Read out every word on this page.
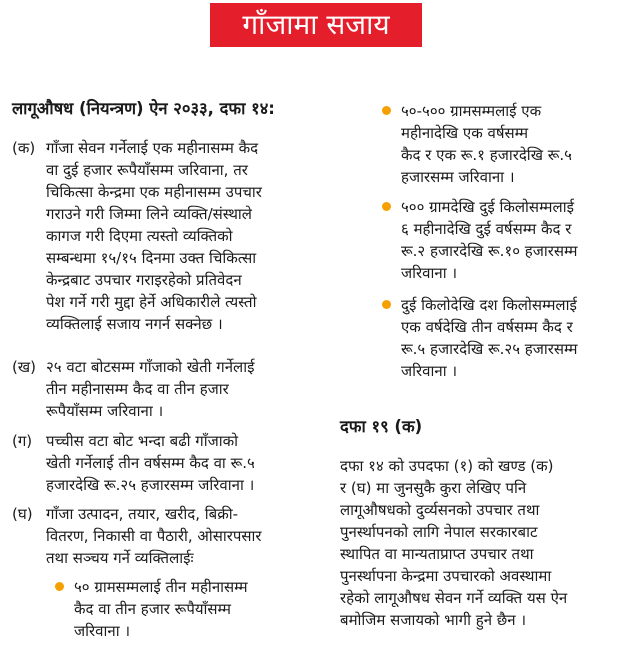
गाँजामा सजाय
लागूऔषध (नियन्त्रण) ऐन २०३३, दफा १४:
(क) गाँजा सेवन गर्नेलाई एक महीनासम्म कैद
वा दुई हजार रूपैयाँसम्म जरिवाना, तर
चिकित्सा केन्द्रमा एक महीनासम्म उपचार
गराउने गरी जिम्मा लिने व्यक्ति/संस्थाले
कागज गरी दिएमा त्यस्तो व्यक्तिको
सम्बन्धमा १५/१५ दिनमा उक्त चिकित्सा
केन्द्रबाट उपचार गराइरहेको प्रतिवेदन
पेश गर्ने गरी मुद्दा हेर्ने अधिकारीले त्यस्तो
व्यक्तिलाई सजाय नगर्न सक्नेछ ।
(ख) २५ वटा बोटसम्म गाँजाको खेती गर्नेलाई
तीन महीनासम्म कैद वा तीन हजार
रूपैयाँसम्म जरिवाना ।
(ग) पच्चीस वटा बोट भन्दा बढी गाँजाको
खेती गर्नेलाई तीन वर्षसम्म कैद वा रू.५
हजारदेखि रू.२५ हजारसम्म जरिवाना ।
(घ) गाँजा उत्पादन, तयार, खरीद, बिक्री-
वितरण, निकासी वा पैठारी, ओसारपसार
तथा सञ्चय गर्ने व्यक्तिलाईः
५० ग्रामसम्मलाई तीन महीनासम्म
कैद वा तीन हजार रूपैयाँसम्म
जरिवाना ।
५०-५०० ग्रामसम्मलाई एक
महीनादेखि एक वर्षसम्म
कैद र एक रू.१ हजारदेखि रू.५
हजारसम्म जरिवाना ।
५०० ग्रामदेखि दुई किलोसम्मलाई
६ महीनादेखि दुई वर्षसम्म कैद र
रू.२ हजारदेखि रू.१० हजारसम्म
जरिवाना ।
दुई किलोदेखि दश किलोसम्मलाई
एक वर्षदेखि तीन वर्षसम्म कैद र
रू.५ हजारदेखि रू.२५ हजारसम्म
जरिवाना ।
दफा १९ (क)
दफा १४ को उपदफा (१) को खण्ड (क)
र (घ) मा जुनसुकै कुरा लेखिए पनि
लागूऔषधको दुर्व्यसनको उपचार तथा
पुनर्स्थापनको लागि नेपाल सरकारबाट
स्थापित वा मान्यताप्राप्त उपचार तथा
पुनर्स्थापना केन्द्रमा उपचारको अवस्थामा
रहेको लागूऔषध सेवन गर्ने व्यक्ति यस ऐन
बमोजिम सजायको भागी हुने छैन ।
